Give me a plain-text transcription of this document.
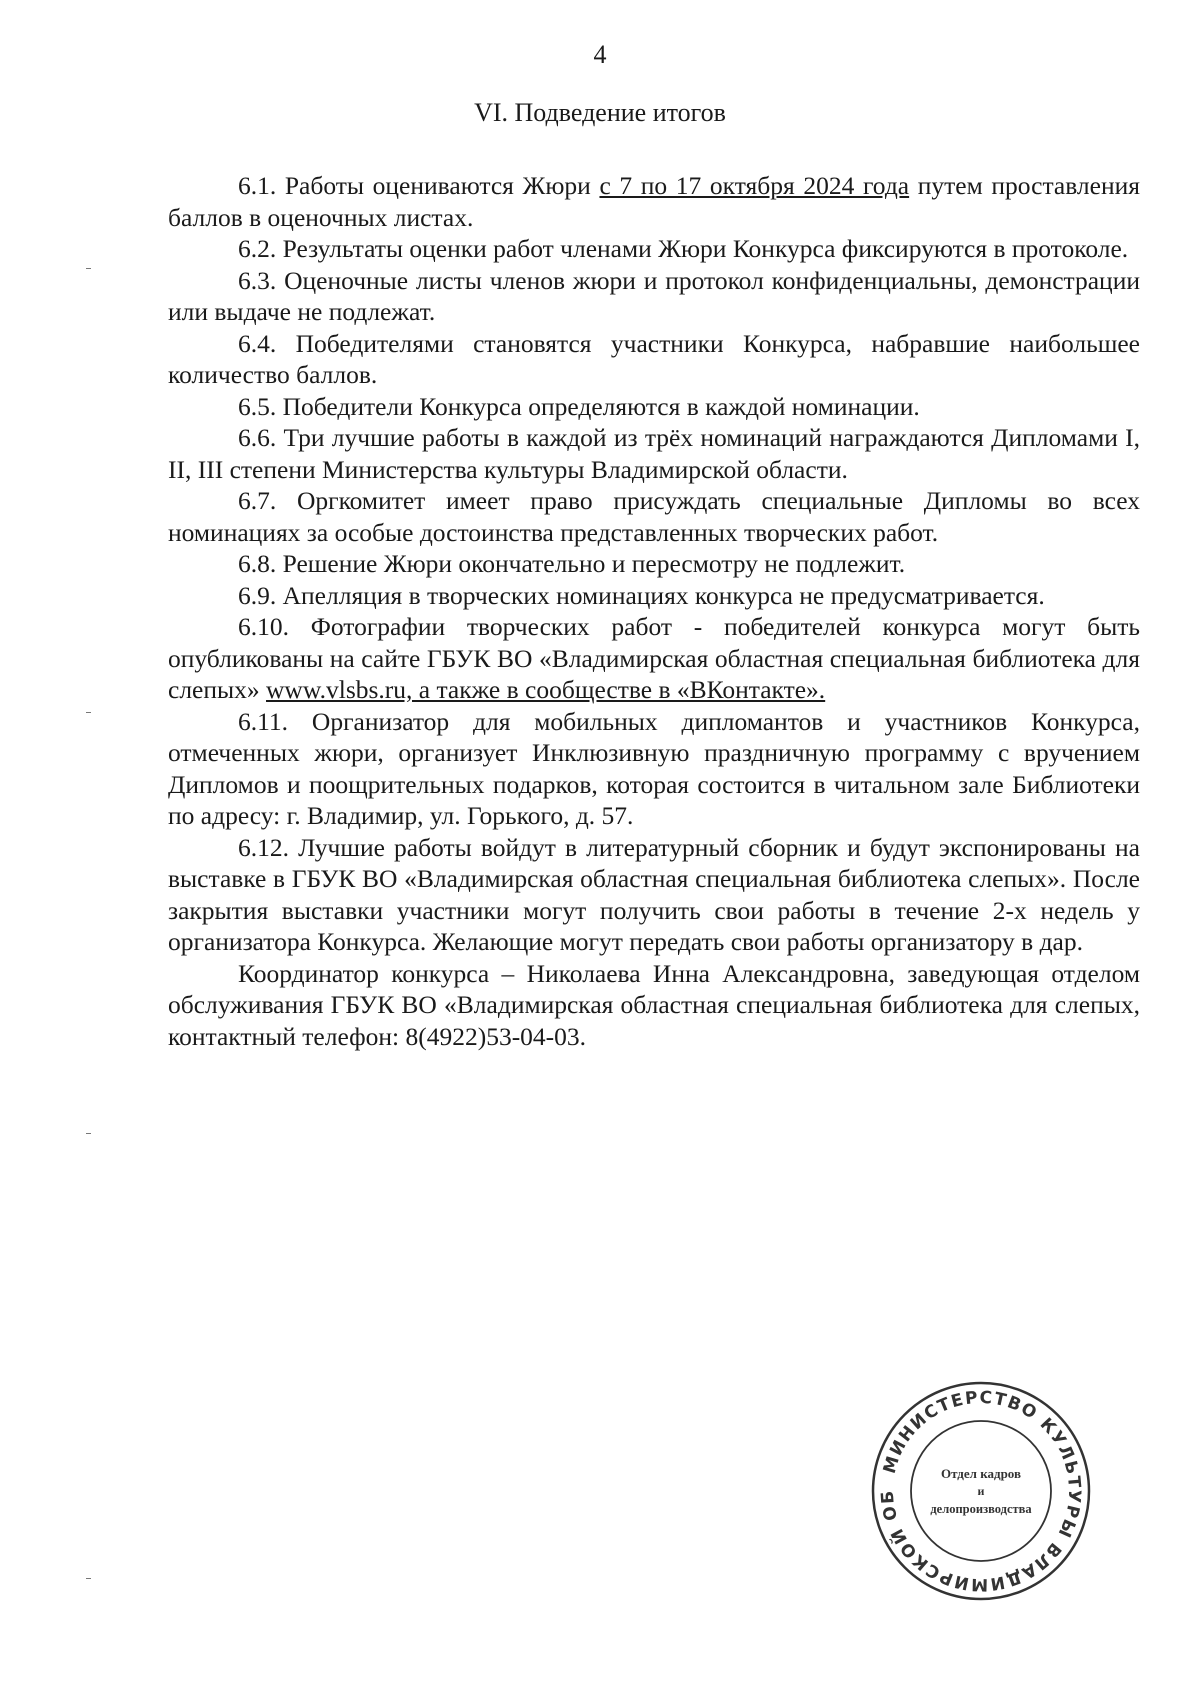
4
VI. Подведение итогов

6.1. Работы оцениваются Жюри с 7 по 17 октября 2024 года путем проставления баллов в оценочных листах.

6.2. Результаты оценки работ членами Жюри Конкурса фиксируются в протоколе.

6.3. Оценочные листы членов жюри и протокол конфиденциальны, демонстрации или выдаче не подлежат.

6.4. Победителями становятся участники Конкурса, набравшие наибольшее количество баллов.

6.5. Победители Конкурса определяются в каждой номинации.

6.6. Три лучшие работы в каждой из трёх номинаций награждаются Дипломами I, II, III степени Министерства культуры Владимирской области.

6.7. Оргкомитет имеет право присуждать специальные Дипломы во всех номинациях за особые достоинства представленных творческих работ.

6.8. Решение Жюри окончательно и пересмотру не подлежит.

6.9. Апелляция в творческих номинациях конкурса не предусматривается.

6.10. Фотографии творческих работ - победителей конкурса могут быть опубликованы на сайте ГБУК ВО «Владимирская областная специальная библиотека для слепых» www.vlsbs.ru, а также в сообществе в «ВКонтакте».

6.11. Организатор для мобильных дипломантов и участников Конкурса, отмеченных жюри, организует Инклюзивную праздничную программу с вручением Дипломов и поощрительных подарков, которая состоится в читальном зале Библиотеки по адресу: г. Владимир, ул. Горького, д. 57.

6.12. Лучшие работы войдут в литературный сборник и будут экспонированы на выставке в ГБУК ВО «Владимирская областная специальная библиотека слепых». После закрытия выставки участники могут получить свои работы в течение 2-х недель у организатора Конкурса. Желающие могут передать свои работы организатору в дар.

Координатор конкурса – Николаева Инна Александровна, заведующая отделом обслуживания ГБУК ВО «Владимирская областная специальная библиотека для слепых, контактный телефон: 8(4922)53-04-03.

МИНИСТЕРСТВО КУЛЬТУРЫ ВЛАДИМИРСКОЙ ОБ
Отдел кадров
и
делопроизводства
